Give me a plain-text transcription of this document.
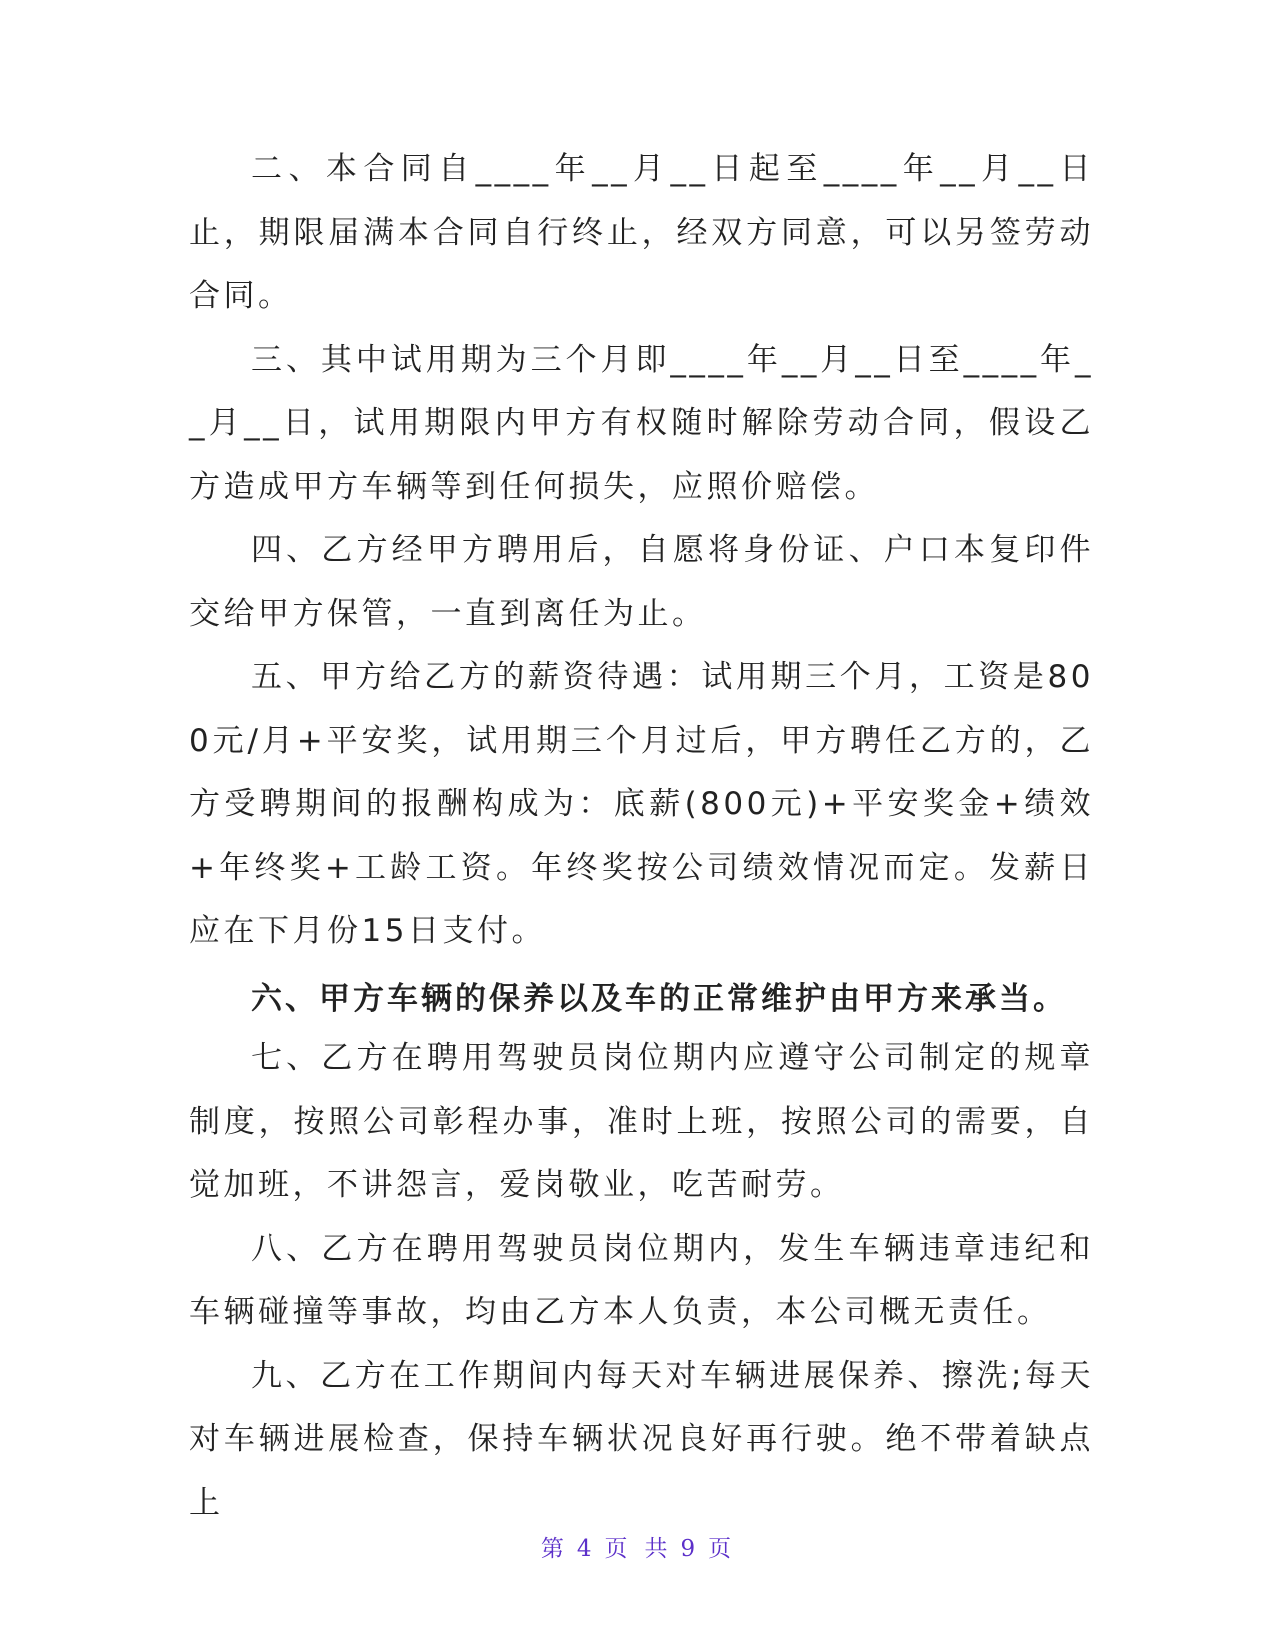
二、本合同自____年__月__日起至____年__月__日止，期限届满本合同自行终止，经双方同意，可以另签劳动合同。

三、其中试用期为三个月即____年__月__日至____年__月__日，试用期限内甲方有权随时解除劳动合同，假设乙方造成甲方车辆等到任何损失，应照价赔偿。

四、乙方经甲方聘用后，自愿将身份证、户口本复印件交给甲方保管，一直到离任为止。

五、甲方给乙方的薪资待遇：试用期三个月，工资是800元/月+平安奖，试用期三个月过后，甲方聘任乙方的，乙方受聘期间的报酬构成为：底薪(800元)+平安奖金+绩效+年终奖+工龄工资。年终奖按公司绩效情况而定。发薪日应在下月份15日支付。

六、甲方车辆的保养以及车的正常维护由甲方来承当。

七、乙方在聘用驾驶员岗位期内应遵守公司制定的规章制度，按照公司彰程办事，准时上班，按照公司的需要，自觉加班，不讲怨言，爱岗敬业，吃苦耐劳。

八、乙方在聘用驾驶员岗位期内，发生车辆违章违纪和车辆碰撞等事故，均由乙方本人负责，本公司概无责任。

九、乙方在工作期间内每天对车辆进展保养、擦洗;每天对车辆进展检查，保持车辆状况良好再行驶。绝不带着缺点上

第 4 页 共 9 页
